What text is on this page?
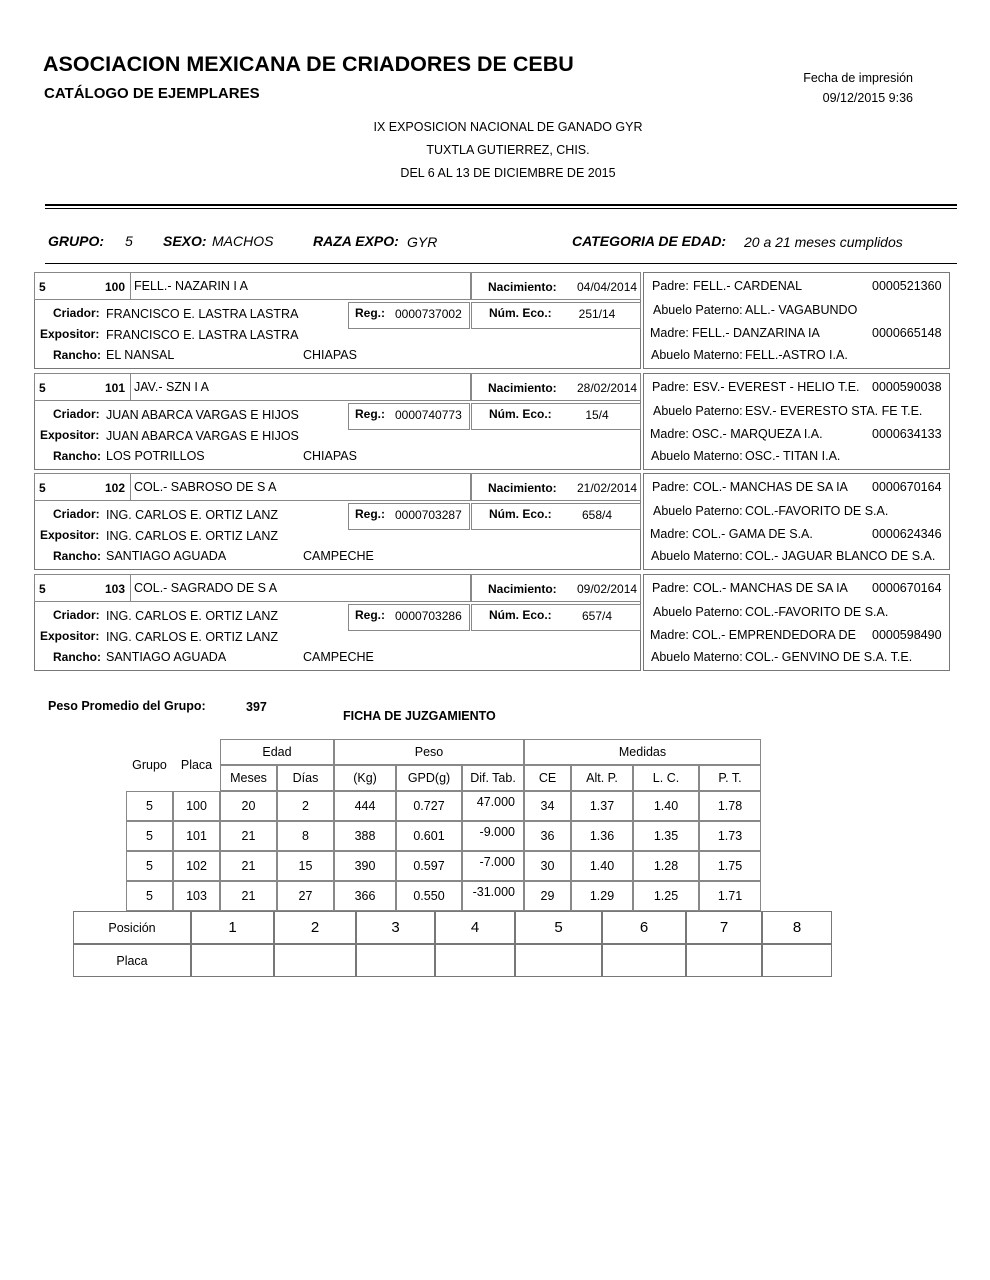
ASOCIACION MEXICANA DE CRIADORES DE CEBU
CATÁLOGO DE EJEMPLARES
Fecha de impresión
09/12/2015 9:36
IX EXPOSICION NACIONAL DE GANADO GYR
TUXTLA GUTIERREZ, CHIS.
DEL 6 AL 13 DE DICIEMBRE DE 2015
GRUPO: 5 SEXO: MACHOS	RAZA EXPO: GYR	CATEGORIA DE EDAD: 20 a 21 meses cumplidos
5	100 FELL.- NAZARIN I A	Nacimiento: 04/04/2014
Criador: FRANCISCO E. LASTRA LASTRA	Reg.: 0000737002 Núm. Eco.:	251/14
Expositor: FRANCISCO E. LASTRA LASTRA
Rancho: EL NANSAL	CHIAPAS
Padre: FELL.- CARDENAL	0000521360
Abuelo Paterno: ALL.- VAGABUNDO
Madre: FELL.- DANZARINA IA	0000665148
Abuelo Materno: FELL.-ASTRO I.A.
5	101 JAV.- SZN I A	Nacimiento: 28/02/2014
Criador: JUAN ABARCA VARGAS E HIJOS	Reg.: 0000740773 Núm. Eco.:	15/4
Expositor: JUAN ABARCA VARGAS E HIJOS
Rancho: LOS POTRILLOS	CHIAPAS
Padre: ESV.- EVEREST - HELIO T.E. 0000590038
Abuelo Paterno: ESV.- EVERESTO STA. FE T.E.
Madre: OSC.- MARQUEZA I.A.	0000634133
Abuelo Materno: OSC.- TITAN I.A.
5	102 COL.- SABROSO DE S A	Nacimiento: 21/02/2014
Criador: ING. CARLOS E. ORTIZ LANZ	Reg.: 0000703287 Núm. Eco.:	658/4
Expositor: ING. CARLOS E. ORTIZ LANZ
Rancho: SANTIAGO AGUADA	CAMPECHE
Padre: COL.- MANCHAS DE SA IA 0000670164
Abuelo Paterno: COL.-FAVORITO DE S.A.
Madre: COL.- GAMA DE S.A.	0000624346
Abuelo Materno: COL.- JAGUAR BLANCO DE S.A.
5	103 COL.- SAGRADO DE S A	Nacimiento: 09/02/2014
Criador: ING. CARLOS E. ORTIZ LANZ	Reg.: 0000703286 Núm. Eco.:	657/4
Expositor: ING. CARLOS E. ORTIZ LANZ
Rancho: SANTIAGO AGUADA	CAMPECHE
Padre: COL.- MANCHAS DE SA IA 0000670164
Abuelo Paterno: COL.-FAVORITO DE S.A.
Madre: COL.- EMPRENDEDORA DE 0000598490
Abuelo Materno: COL.- GENVINO DE S.A. T.E.
Peso Promedio del Grupo:	397
FICHA DE JUZGAMIENTO
Grupo	Placa	Edad		Peso			Medidas			
		Meses	Días	(Kg)	GPD(g)	Dif. Tab.	CE	Alt. P.	L. C.	P. T.
5	100	20	2	444	0.727	47.000	34	1.37	1.40	1.78
5	101	21	8	388	0.601	-9.000	36	1.36	1.35	1.73
5	102	21	15	390	0.597	-7.000	30	1.40	1.28	1.75
5	103	21	27	366	0.550	-31.000	29	1.29	1.25	1.71
Posición	1	2	3	4	5	6	7	8
Placa								
